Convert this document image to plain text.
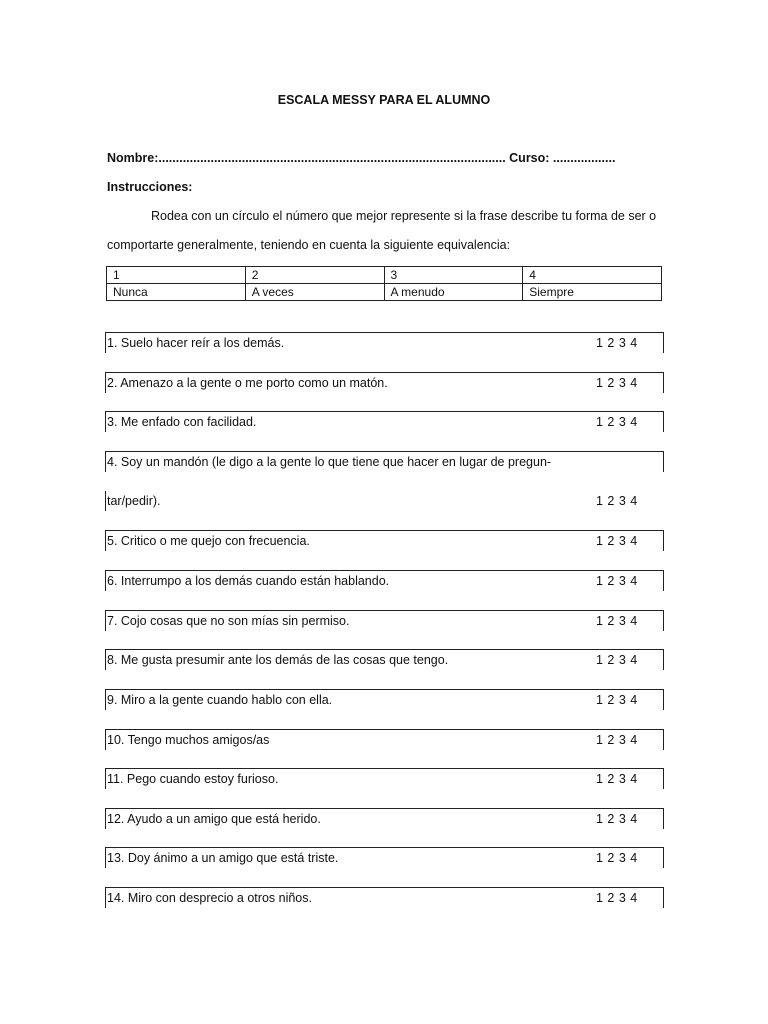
ESCALA MESSY PARA EL ALUMNO
Nombre:.................................................................................................... Curso: ..................
Instrucciones:
Rodea con un círculo el número que mejor represente si la frase describe tu forma de ser o
comportarte generalmente, teniendo en cuenta la siguiente equivalencia:
1	2	3	4
Nunca	A veces	A menudo	Siempre
1. Suelo hacer reír a los demás.	1 2 3 4
2. Amenazo a la gente o me porto como un matón.	1 2 3 4
3. Me enfado con facilidad.	1 2 3 4
4. Soy un mandón (le digo a la gente lo que tiene que hacer en lugar de pregun-
tar/pedir).	1 2 3 4
5. Critico o me quejo con frecuencia.	1 2 3 4
6. Interrumpo a los demás cuando están hablando.	1 2 3 4
7. Cojo cosas que no son mías sin permiso.	1 2 3 4
8. Me gusta presumir ante los demás de las cosas que tengo.	1 2 3 4
9. Miro a la gente cuando hablo con ella.	1 2 3 4
10. Tengo muchos amigos/as	1 2 3 4
11. Pego cuando estoy furioso.	1 2 3 4
12. Ayudo a un amigo que está herido.	1 2 3 4
13. Doy ánimo a un amigo que está triste.	1 2 3 4
14. Miro con desprecio a otros niños.	1 2 3 4
